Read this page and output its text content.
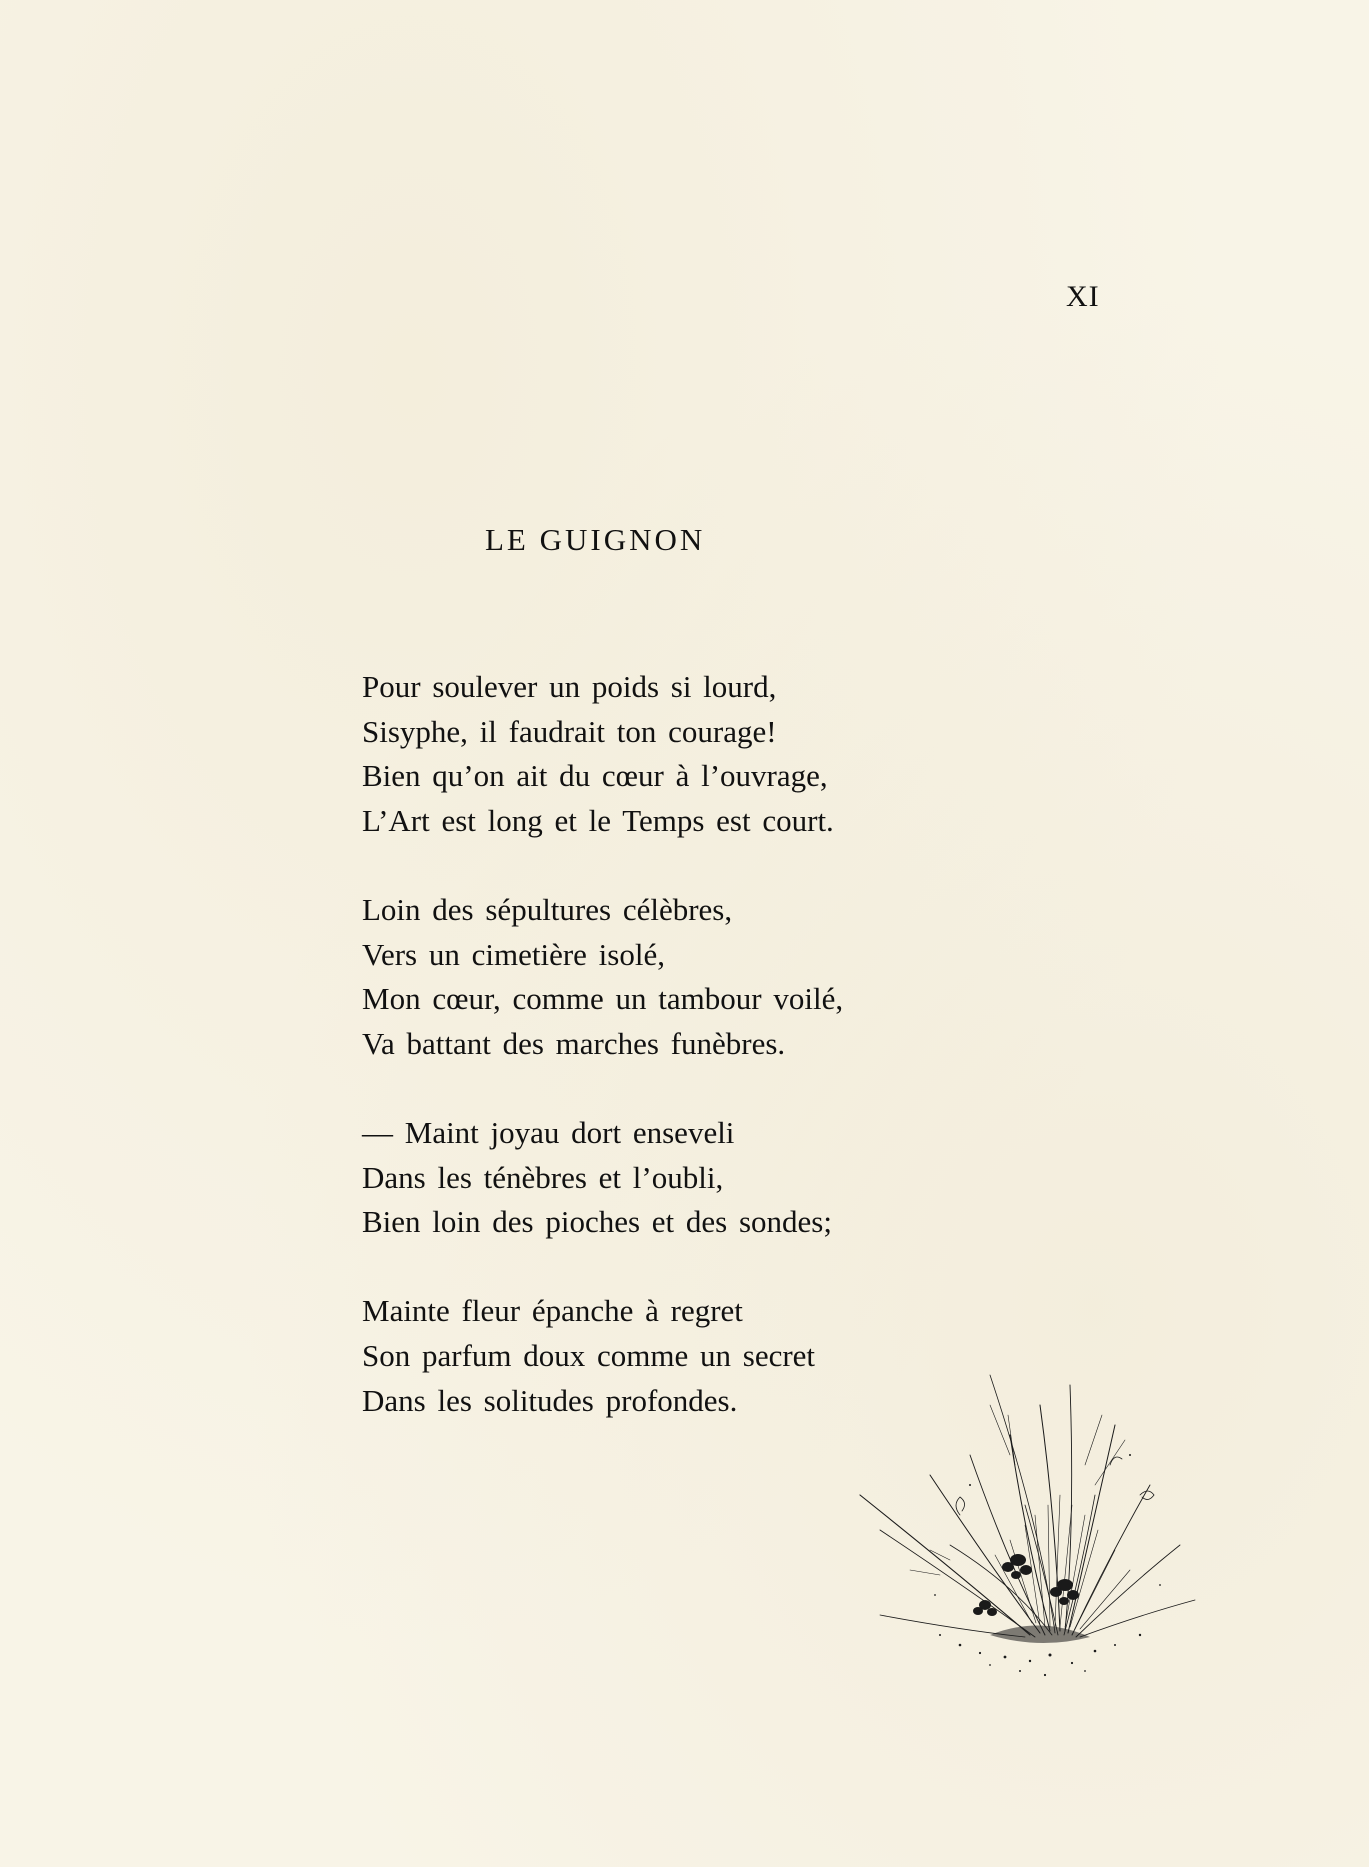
XI
LE GUIGNON
Pour soulever un poids si lourd,
Sisyphe, il faudrait ton courage!
Bien qu’on ait du cœur à l’ouvrage,
L’Art est long et le Temps est court.
Loin des sépultures célèbres,
Vers un cimetière isolé,
Mon cœur, comme un tambour voilé,
Va battant des marches funèbres.
— Maint joyau dort enseveli
Dans les ténèbres et l’oubli,
Bien loin des pioches et des sondes;
Mainte fleur épanche à regret
Son parfum doux comme un secret
Dans les solitudes profondes.
